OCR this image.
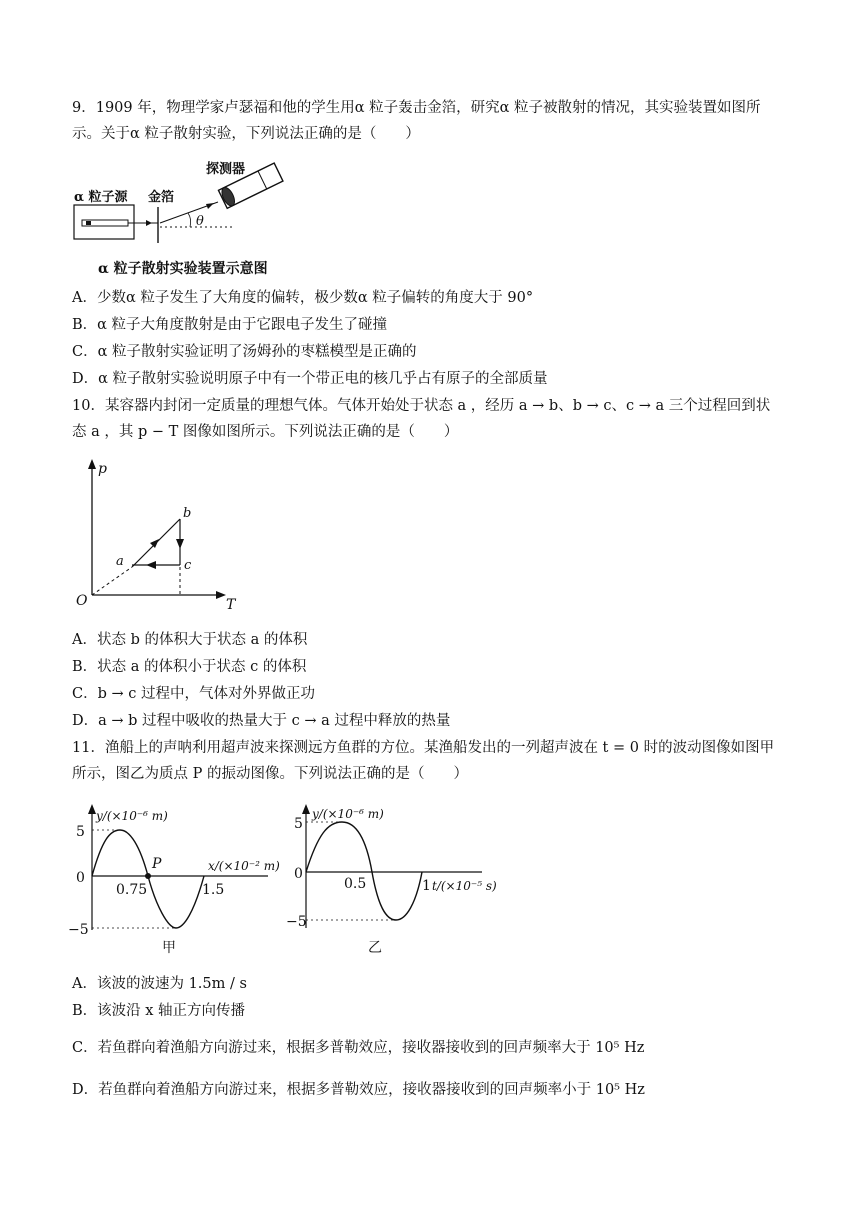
9．1909 年，物理学家卢瑟福和他的学生用α 粒子轰击金箔，研究α 粒子被散射的情况，其实验装置如图所
示。关于α 粒子散射实验，下列说法正确的是（　　）
α 粒子源 金箔
探测器
θ
α 粒子散射实验装置示意图
A．少数α 粒子发生了大角度的偏转，极少数α 粒子偏转的角度大于 90°
B．α 粒子大角度散射是由于它跟电子发生了碰撞
C．α 粒子散射实验证明了汤姆孙的枣糕模型是正确的
D．α 粒子散射实验说明原子中有一个带正电的核几乎占有原子的全部质量
10．某容器内封闭一定质量的理想气体。气体开始处于状态 a ，经历 a → b、b → c、c → a 三个过程回到状
态 a ，其 p − T 图像如图所示。下列说法正确的是（　　）
p
T
O
a
b
c
A．状态 b 的体积大于状态 a 的体积
B．状态 a 的体积小于状态 c 的体积
C．b → c 过程中，气体对外界做正功
D．a → b 过程中吸收的热量大于 c → a 过程中释放的热量
11．渔船上的声呐利用超声波来探测远方鱼群的方位。某渔船发出的一列超声波在 t = 0 时的波动图像如图甲
所示，图乙为质点 P 的振动图像。下列说法正确的是（　　）
5
0
−5
0.75	1.5
P
y/(×10⁻⁶ m)
x/(×10⁻² m)
甲
5
0
−5
0.5	1
y/(×10⁻⁶ m)
t/(×10⁻⁵ s)
乙
A．该波的波速为 1.5m / s
B．该波沿 x 轴正方向传播
C．若鱼群向着渔船方向游过来，根据多普勒效应，接收器接收到的回声频率大于 10⁵ Hz
D．若鱼群向着渔船方向游过来，根据多普勒效应，接收器接收到的回声频率小于 10⁵ Hz
